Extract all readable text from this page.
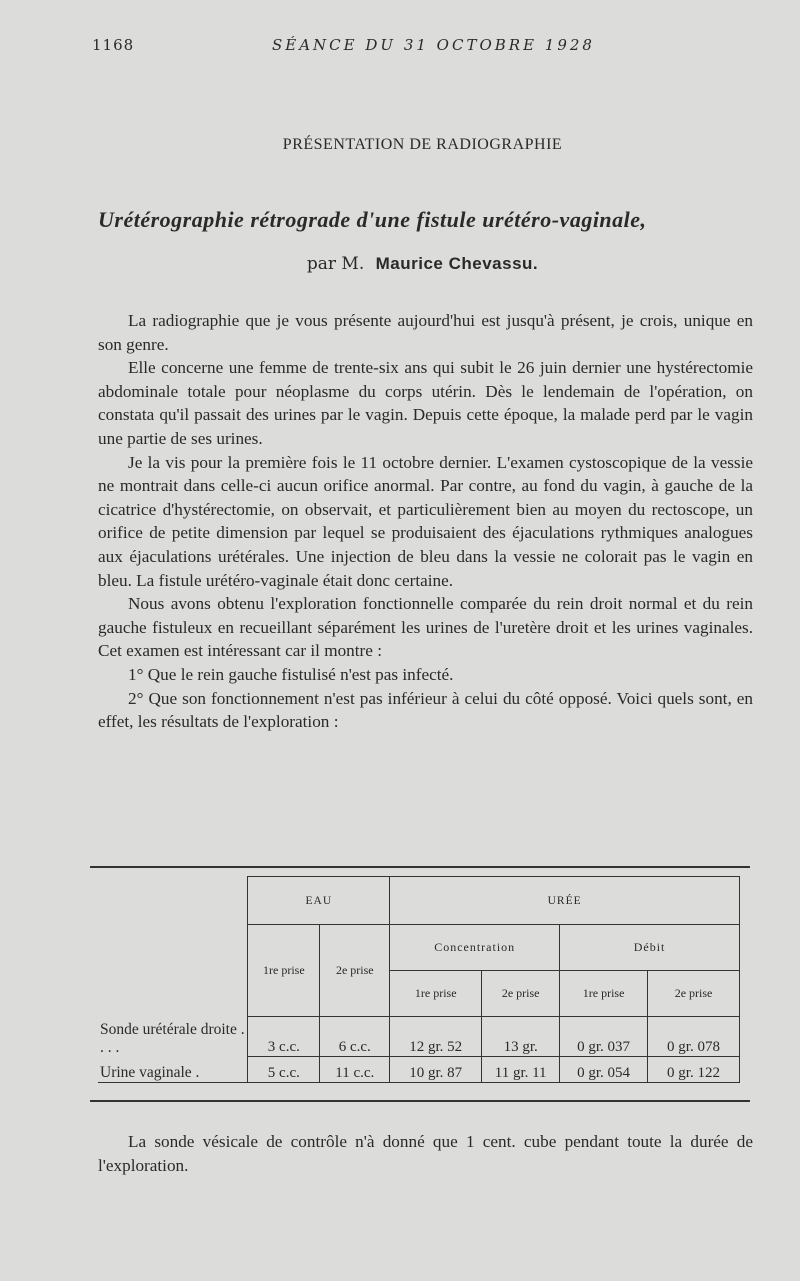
1168	SÉANCE DU 31 OCTOBRE 1928
PRÉSENTATION DE RADIOGRAPHIE
Urétérographie rétrograde d'une fistule urétéro-vaginale,
par M. Maurice Chevassu.

La radiographie que je vous présente aujourd'hui est jusqu'à présent, je crois, unique en son genre.

Elle concerne une femme de trente-six ans qui subit le 26 juin dernier une hystérectomie abdominale totale pour néoplasme du corps utérin. Dès le lendemain de l'opération, on constata qu'il passait des urines par le vagin. Depuis cette époque, la malade perd par le vagin une partie de ses urines.

Je la vis pour la première fois le 11 octobre dernier. L'examen cystoscopique de la vessie ne montrait dans celle-ci aucun orifice anormal. Par contre, au fond du vagin, à gauche de la cicatrice d'hystérectomie, on observait, et particulièrement bien au moyen du rectoscope, un orifice de petite dimension par lequel se produisaient des éjaculations rythmiques analogues aux éjaculations urétérales. Une injection de bleu dans la vessie ne colorait pas le vagin en bleu. La fistule urétéro-vaginale était donc certaine.

Nous avons obtenu l'exploration fonctionnelle comparée du rein droit normal et du rein gauche fistuleux en recueillant séparément les urines de l'uretère droit et les urines vaginales. Cet examen est intéressant car il montre :

1° Que le rein gauche fistulisé n'est pas infecté.

2° Que son fonctionnement n'est pas inférieur à celui du côté opposé. Voici quels sont, en effet, les résultats de l'exploration :

	EAU		URÉE			
	1re prise	2e prise	Concentration		Débit	
			1re prise	2e prise	1re prise	2e prise
Sonde urétérale droite . . . .	3 c.c.	6 c.c.	12 gr. 52	13 gr.	0 gr. 037	0 gr. 078
Urine vaginale .	5 c.c.	11 c.c.	10 gr. 87	11 gr. 11	0 gr. 054	0 gr. 122

La sonde vésicale de contrôle n'à donné que 1 cent. cube pendant toute la durée de l'exploration.
